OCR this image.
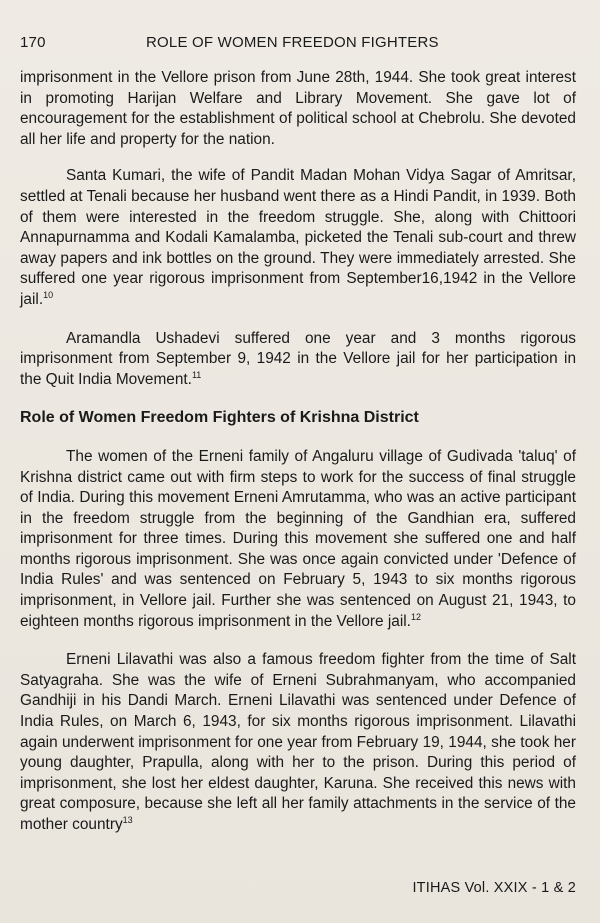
170	ROLE OF WOMEN FREEDON FIGHTERS

imprisonment in the Vellore prison from June 28th, 1944. She took great interest in promoting Harijan Welfare and Library Movement. She gave lot of encouragement for the establishment of political school at Chebrolu. She devoted all her life and property for the nation.

Santa Kumari, the wife of Pandit Madan Mohan Vidya Sagar of Amritsar, settled at Tenali because her husband went there as a Hindi Pandit, in 1939. Both of them were interested in the freedom struggle. She, along with Chittoori Annapurnamma and Kodali Kamalamba, picketed the Tenali sub-court and threw away papers and ink bottles on the ground. They were immediately arrested. She suffered one year rigorous imprisonment from September16,1942 in the Vellore jail.$^{10}$

Aramandla Ushadevi suffered one year and 3 months rigorous imprisonment from September 9, 1942 in the Vellore jail for her participation in the Quit India Movement.$^{11}$

Role of Women Freedom Fighters of Krishna District

The women of the Erneni family of Angaluru village of Gudivada 'taluq' of Krishna district came out with firm steps to work for the success of final struggle of India. During this movement Erneni Amrutamma, who was an active participant in the freedom struggle from the beginning of the Gandhian era, suffered imprisonment for three times. During this movement she suffered one and half months rigorous imprisonment. She was once again convicted under 'Defence of India Rules' and was sentenced on February 5, 1943 to six months rigorous imprisonment, in Vellore jail. Further she was sentenced on August 21, 1943, to eighteen months rigorous imprisonment in the Vellore jail.$^{12}$

Erneni Lilavathi was also a famous freedom fighter from the time of Salt Satyagraha. She was the wife of Erneni Subrahmanyam, who accompanied Gandhiji in his Dandi March. Erneni Lilavathi was sentenced under Defence of India Rules, on March 6, 1943, for six months rigorous imprisonment. Lilavathi again underwent imprisonment for one year from February 19, 1944, she took her young daughter, Prapulla, along with her to the prison. During this period of imprisonment, she lost her eldest daughter, Karuna. She received this news with great composure, because she left all her family attachments in the service of the mother country$^{13}$

ITIHAS Vol. XXIX - 1 & 2
